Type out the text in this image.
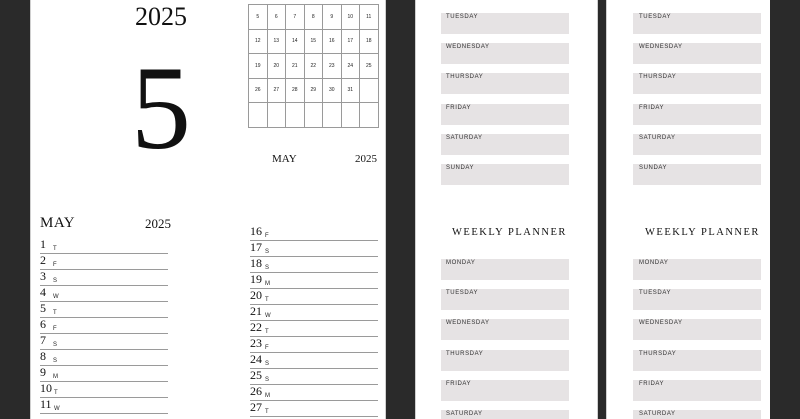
2025
5
MAY	2025
1 T
2 F
3 S
4 W
5 T
6 F
7 S
8 S
9 M
10 T
11 W
5	6	7	8	9	10	11
12	13	14	15	16	17	18
19	20	21	22	23	24	25
26	27	28	29	30	31	

MAY	2025
16 F
17 S
18 S
19 M
20 T
21 W
22 T
23 F
24 S
25 S
26 M
27 T
TUESDAY
WEDNESDAY
THURSDAY
FRIDAY
SATURDAY
SUNDAY
WEEKLY PLANNER
MONDAY
TUESDAY
WEDNESDAY
THURSDAY
FRIDAY
SATURDAY
TUESDAY
WEDNESDAY
THURSDAY
FRIDAY
SATURDAY
SUNDAY
WEEKLY PLANNER
MONDAY
TUESDAY
WEDNESDAY
THURSDAY
FRIDAY
SATURDAY
